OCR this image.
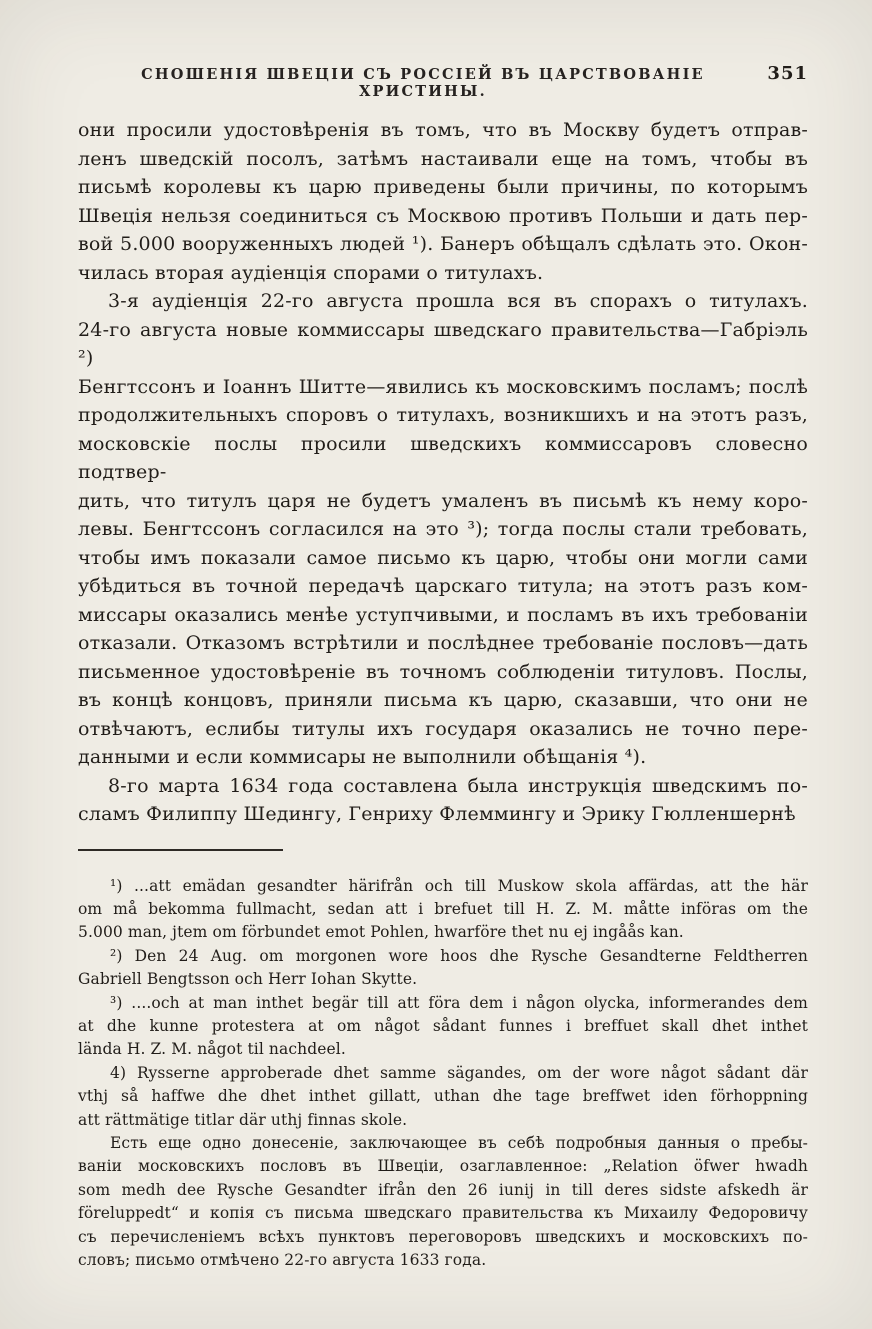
СНОШЕНІЯ ШВЕЦІИ СЪ РОССІЕЙ ВЪ ЦАРСТВОВАНІЕ ХРИСТИНЫ.
351
они просили удостовѣренія въ томъ, что въ Москву будетъ отправ-
ленъ шведскій посолъ, затѣмъ настаивали еще на томъ, чтобы въ
письмѣ королевы къ царю приведены были причины, по которымъ
Швеція нельзя соединиться съ Москвою противъ Польши и дать пер-
вой 5.000 вооруженныхъ людей ¹). Банеръ обѣщалъ сдѣлать это. Окон-
чилась вторая аудіенція спорами о титулахъ.
3-я аудіенція 22-го августа прошла вся въ спорахъ о титулахъ.
24-го августа новые коммиссары шведскаго правительства—Габріэль ²)
Бенгтссонъ и Іоаннъ Шитте—явились къ московскимъ посламъ; послѣ
продолжительныхъ споровъ о титулахъ, возникшихъ и на этотъ разъ,
московскіе послы просили шведскихъ коммиссаровъ словесно подтвер-
дить, что титулъ царя не будетъ умаленъ въ письмѣ къ нему коро-
левы. Бенгтссонъ согласился на это ³); тогда послы стали требовать,
чтобы имъ показали самое письмо къ царю, чтобы они могли сами
убѣдиться въ точной передачѣ царскаго титула; на этотъ разъ ком-
миссары оказались менѣе уступчивыми, и посламъ въ ихъ требованіи
отказали. Отказомъ встрѣтили и послѣднее требованіе пословъ—дать
письменное удостовѣреніе въ точномъ соблюденіи титуловъ. Послы,
въ концѣ концовъ, приняли письма къ царю, сказавши, что они не
отвѣчаютъ, еслибы титулы ихъ государя оказались не точно пере-
данными и если коммисары не выполнили обѣщанія ⁴).
8-го марта 1634 года составлена была инструкція шведскимъ по-
сламъ Филиппу Шедингу, Генриху Флеммингу и Эрику Гюлленшернѣ
¹) ...att emädan gesandter härifrån och till Muskow skola affärdas, att the här
om må bekomma fullmacht, sedan att i brefuet till H. Z. M. måtte införas om the
5.000 man, jtem om förbundet emot Pohlen, hwarföre thet nu ej ingåås kan.
²) Den 24 Aug. om morgonen wore hoos dhe Rysche Gesandterne Feldtherren
Gabriell Bengtsson och Herr Iohan Skytte.
³) ....och at man inthet begär till att föra dem i någon olycka, informerandes dem
at dhe kunne protestera at om något sådant funnes i breffuet skall dhet inthet
lända H. Z. M. något til nachdeel.
4) Rysserne approberade dhet samme sägandes, om der wore något sådant där
vthj så haffwe dhe dhet inthet gillatt, uthan dhe tage breffwet iden förhoppning
att rättmätige titlar där uthj finnas skole.
Есть еще одно донесеніе, заключающее въ себѣ подробныя данныя о пребы-
ваніи московскихъ пословъ въ Швеціи, озаглавленное: „Relation öfwer hwadh
som medh dee Rysche Gesandter ifrån den 26 iunij in till deres sidste afskedh är
föreluppedt“ и копія съ письма шведскаго правительства къ Михаилу Федоровичу
съ перечисленіемъ всѣхъ пунктовъ переговоровъ шведскихъ и московскихъ по-
словъ; письмо отмѣчено 22-го августа 1633 года.
